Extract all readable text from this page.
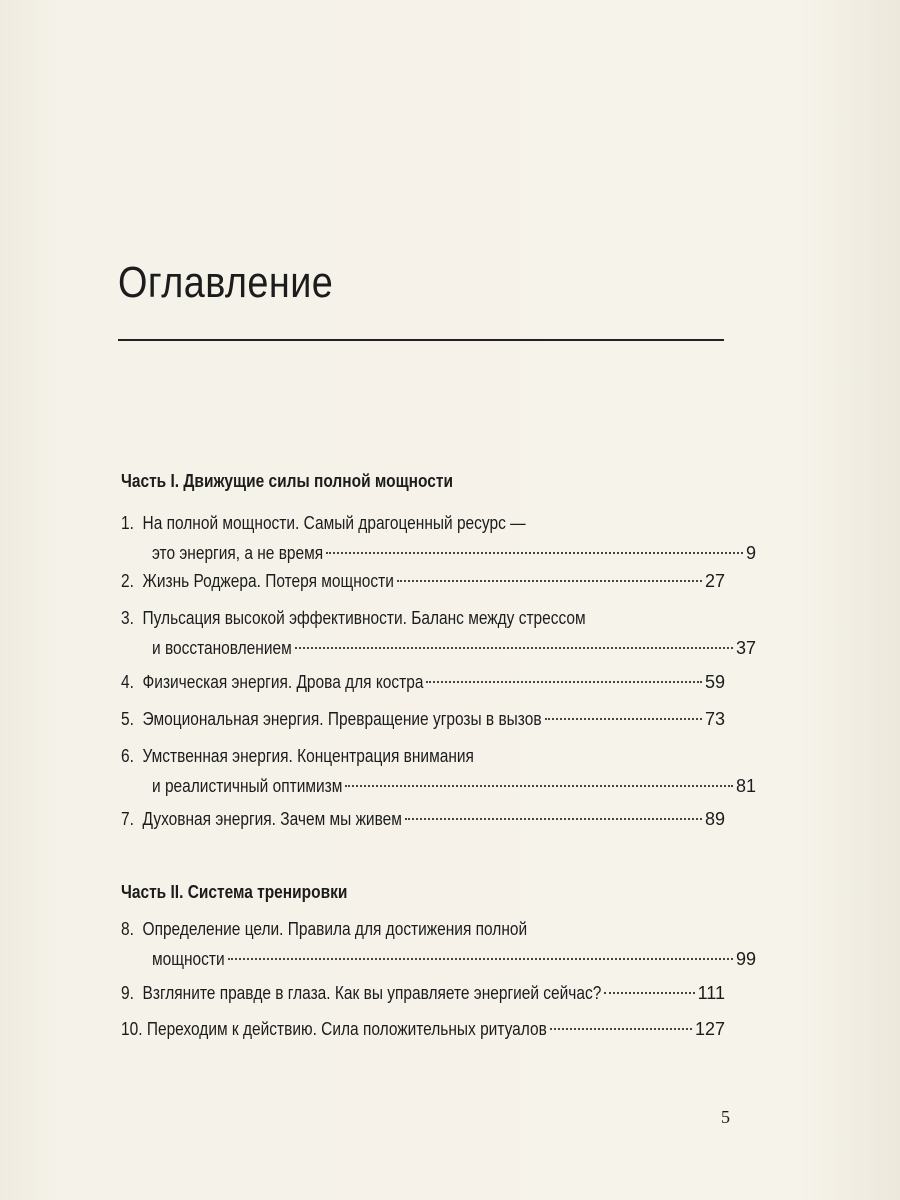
Оглавление
Часть I. Движущие силы полной мощности
1. На полной мощности. Самый драгоценный ресурс —
это энергия, а не время	9
2. Жизнь Роджера. Потеря мощности	27
3. Пульсация высокой эффективности. Баланс между стрессом
и восстановлением	37
4. Физическая энергия. Дрова для костра	59
5. Эмоциональная энергия. Превращение угрозы в вызов	73
6. Умственная энергия. Концентрация внимания
и реалистичный оптимизм	81
7. Духовная энергия. Зачем мы живем	89
Часть II. Система тренировки
8. Определение цели. Правила для достижения полной
мощности	99
9. Взгляните правде в глаза. Как вы управляете энергией сейчас?	111
10. Переходим к действию. Сила положительных ритуалов	127
5
